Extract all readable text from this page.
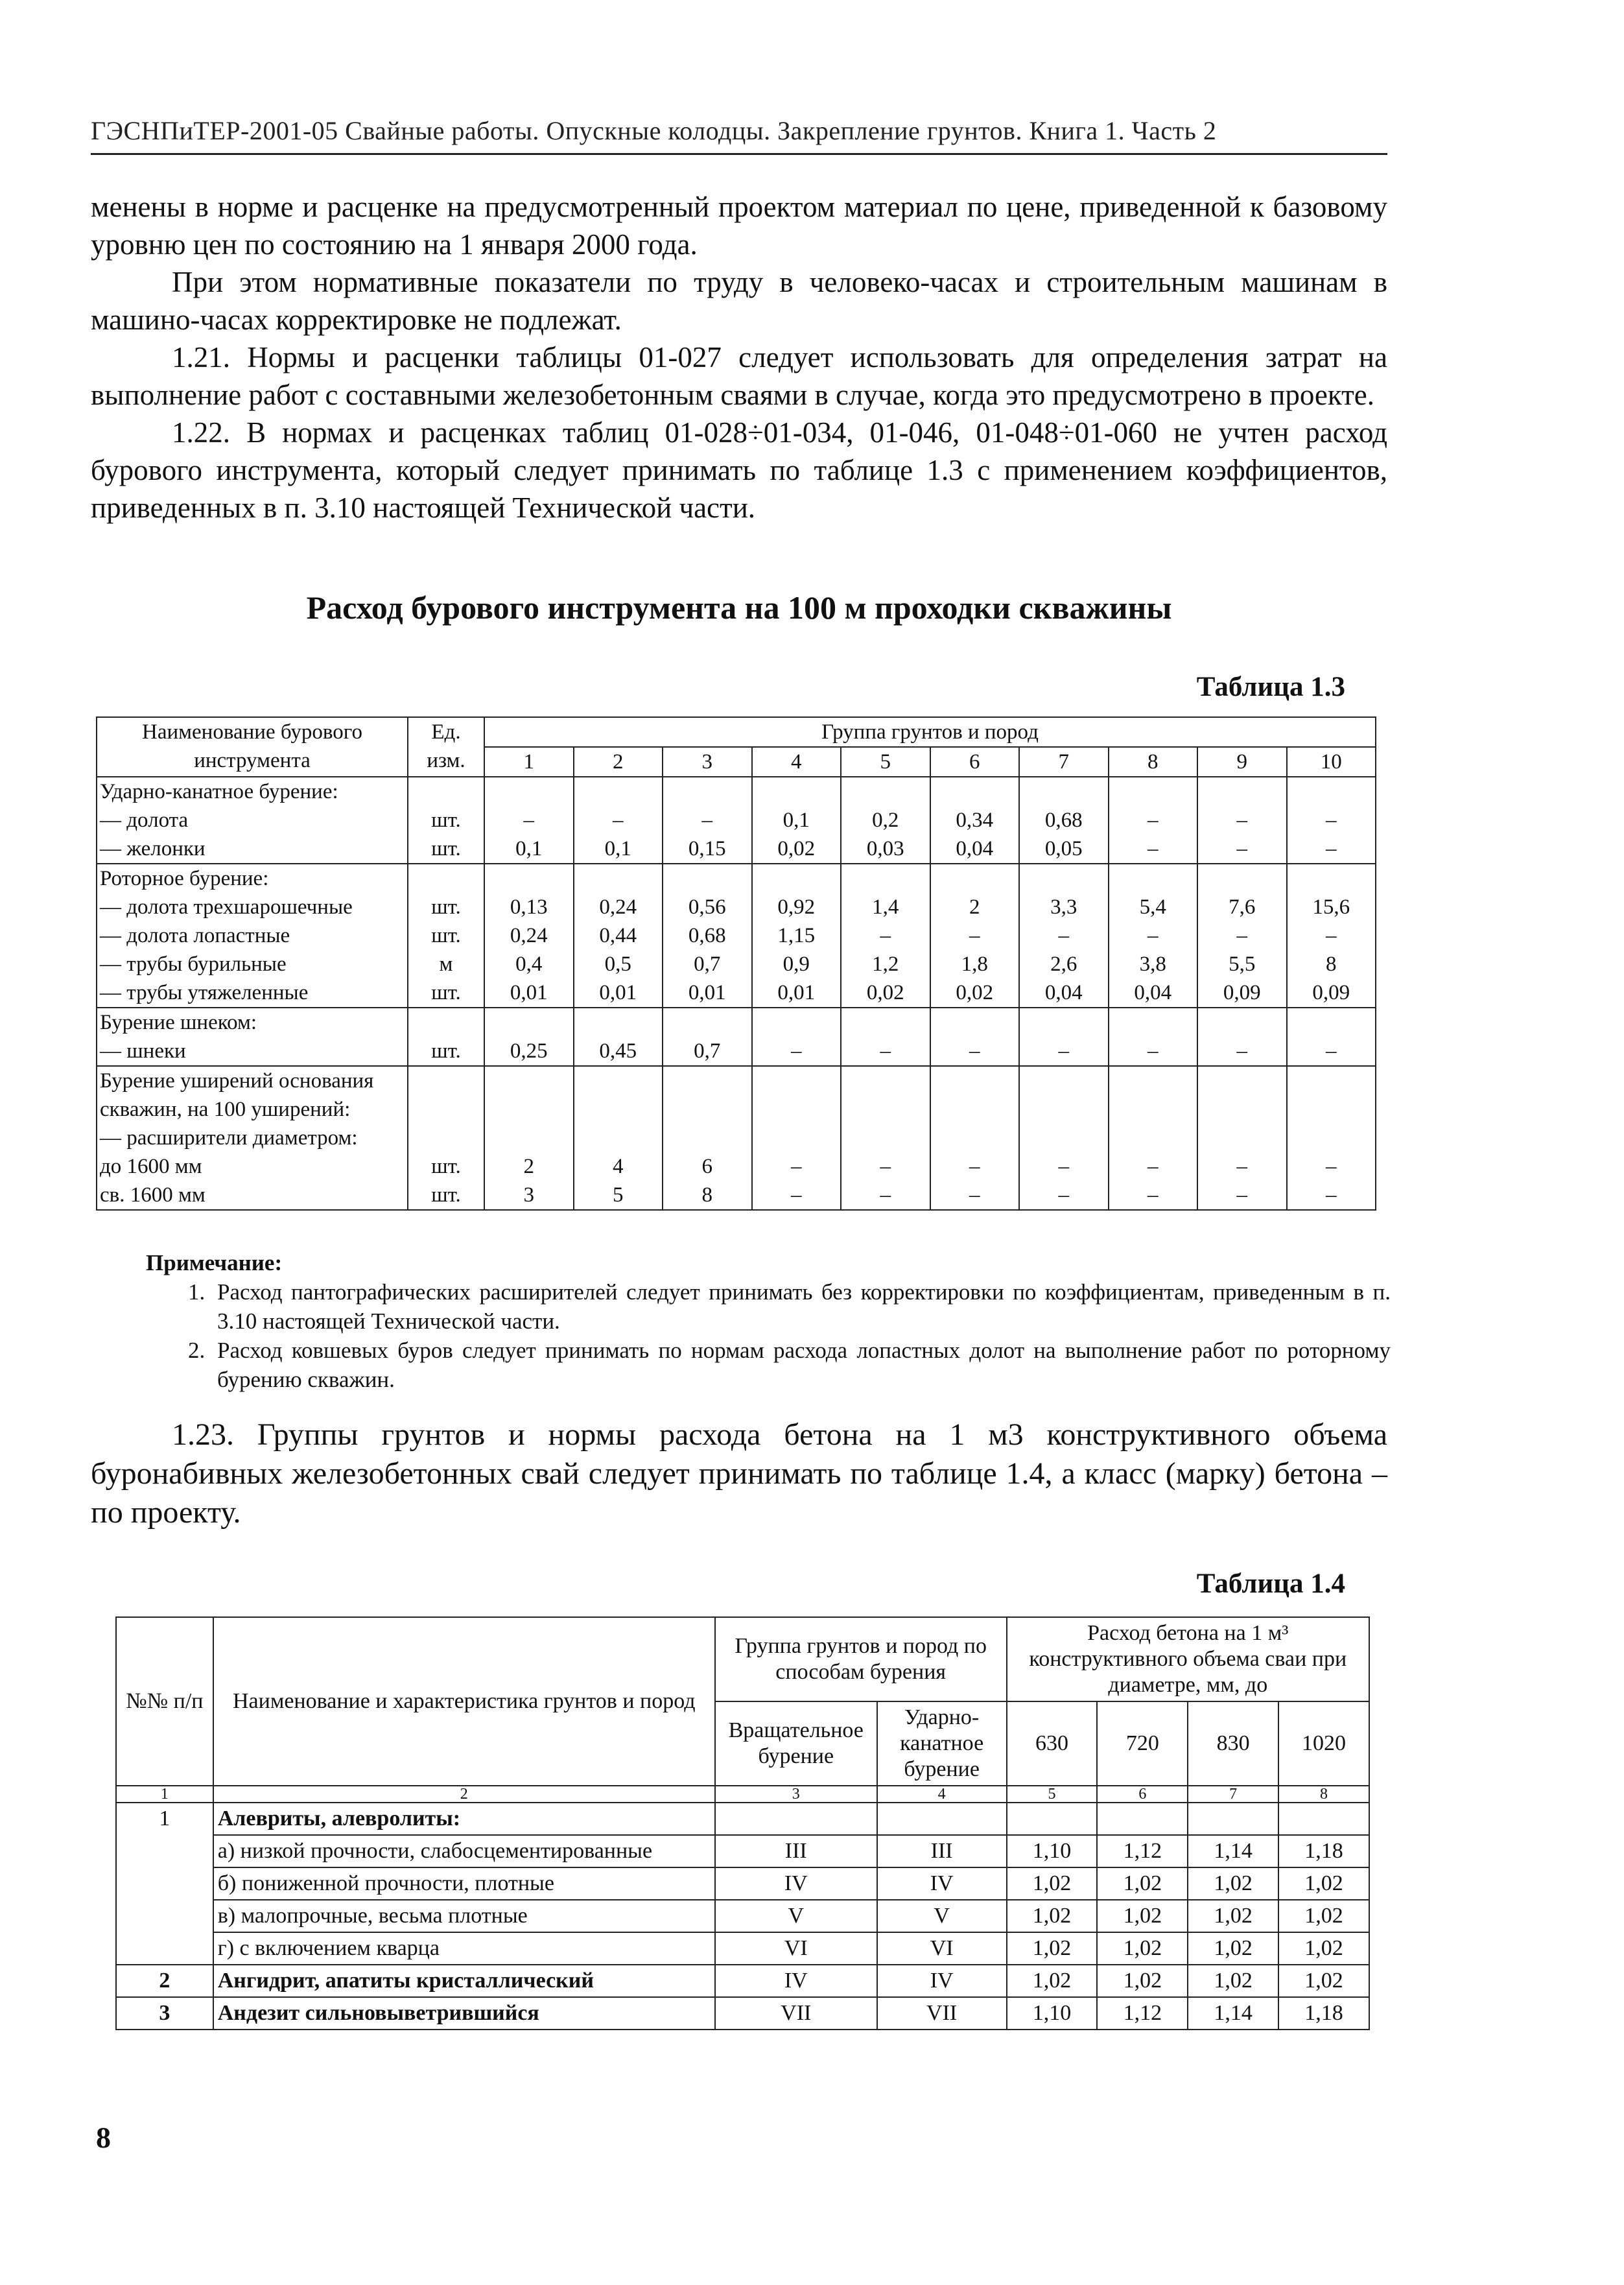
ГЭСНПиТЕР-2001-05 Свайные работы. Опускные колодцы. Закрепление грунтов. Книга 1. Часть 2

менены в норме и расценке на предусмотренный проектом материал по цене, приведенной к базовому уровню цен по состоянию на 1 января 2000 года.

При этом нормативные показатели по труду в человеко-часах и строительным машинам в машино-часах корректировке не подлежат.

1.21. Нормы и расценки таблицы 01-027 следует использовать для определения затрат на выполнение работ с составными железобетонным сваями в случае, когда это предусмотрено в проекте.

1.22. В нормах и расценках таблиц 01-028÷01-034, 01-046, 01-048÷01-060 не учтен расход бурового инструмента, который следует принимать по таблице 1.3 с применением коэффициентов, приведенных в п. 3.10 настоящей Технической части.

Расход бурового инструмента на 100 м проходки скважины
Таблица 1.3
Наименование бурового инструмента	Ед. изм.	Группа грунтов и пород									
		1	2	3	4	5	6	7	8	9	10
Ударно-канатное бурение:											
— долота	шт.	–	–	–	0,1	0,2	0,34	0,68	–	–	–
— желонки	шт.	0,1	0,1	0,15	0,02	0,03	0,04	0,05	–	–	–
Роторное бурение:											
— долота трехшарошечные	шт.	0,13	0,24	0,56	0,92	1,4	2	3,3	5,4	7,6	15,6
— долота лопастные	шт.	0,24	0,44	0,68	1,15	–	–	–	–	–	–
— трубы бурильные	м	0,4	0,5	0,7	0,9	1,2	1,8	2,6	3,8	5,5	8
— трубы утяжеленные	шт.	0,01	0,01	0,01	0,01	0,02	0,02	0,04	0,04	0,09	0,09
Бурение шнеком:											
— шнеки	шт.	0,25	0,45	0,7	–	–	–	–	–	–	–
Бурение уширений основания скважин, на 100 уширений:											
— расширители диаметром:											
до 1600 мм	шт.	2	4	6	–	–	–	–	–	–	–
св. 1600 мм	шт.	3	5	8	–	–	–	–	–	–	–
Примечание:
1. Расход пантографических расширителей следует принимать без корректировки по коэффициентам, приведенным в п. 3.10 настоящей Технической части.
2. Расход ковшевых буров следует принимать по нормам расхода лопастных долот на выполнение работ по роторному бурению скважин.

1.23. Группы грунтов и нормы расхода бетона на 1 м3 конструктивного объема буронабивных железобетонных свай следует принимать по таблице 1.4, а класс (марку) бетона – по проекту.

Таблица 1.4
№№ п/п	Наименование и характеристика грунтов и пород	Группа грунтов и пород по способам бурения		Расход бетона на 1 м³ конструктивного объема сваи при диаметре, мм, до			
		Вращательное бурение	Ударно-канатное бурение	630	720	830	1020
1	2	3	4	5	6	7	8
1	Алевриты, алевролиты:						
	а) низкой прочности, слабосцементированные	III	III	1,10	1,12	1,14	1,18
	б) пониженной прочности, плотные	IV	IV	1,02	1,02	1,02	1,02
	в) малопрочные, весьма плотные	V	V	1,02	1,02	1,02	1,02
	г) с включением кварца	VI	VI	1,02	1,02	1,02	1,02
2	Ангидрит, апатиты кристаллический	IV	IV	1,02	1,02	1,02	1,02
3	Андезит сильновыветрившийся	VII	VII	1,10	1,12	1,14	1,18
8
